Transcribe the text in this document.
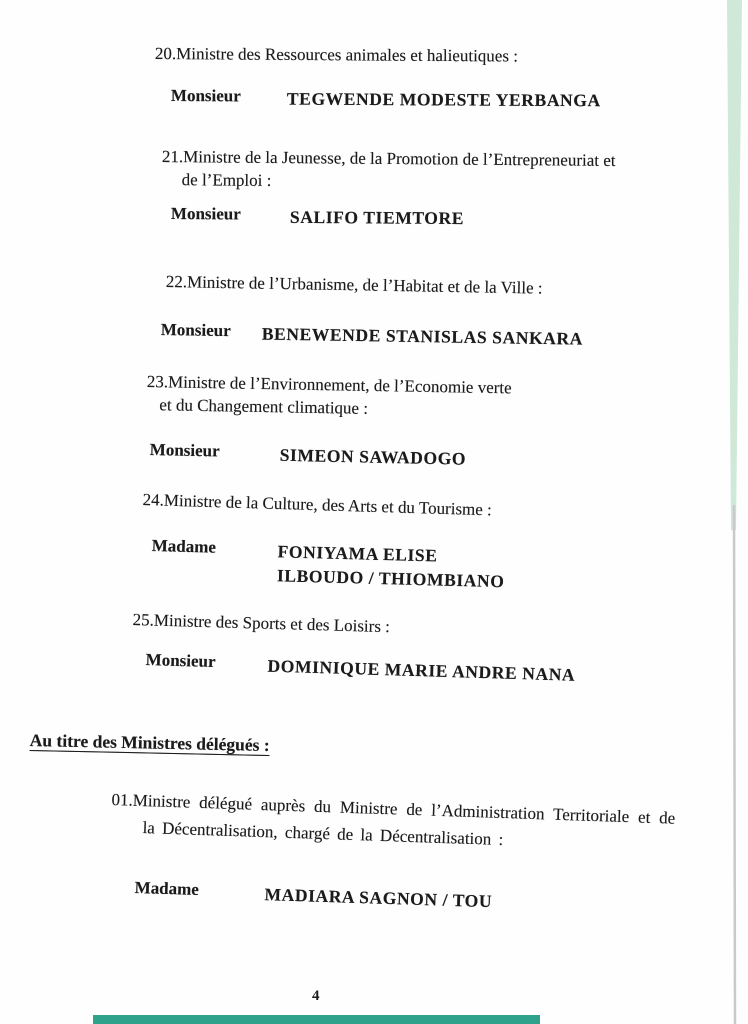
20.Ministre des Ressources animales et halieutiques :
Monsieur	TEGWENDE MODESTE YERBANGA
21.Ministre de la Jeunesse, de la Promotion de l’Entrepreneuriat et
de l’Emploi :
Monsieur	SALIFO TIEMTORE
22.Ministre de l’Urbanisme, de l’Habitat et de la Ville :
Monsieur BENEWENDE STANISLAS SANKARA
23.Ministre de l’Environnement, de l’Economie verte
et du Changement climatique :
Monsieur	SIMEON SAWADOGO
24.Ministre de la Culture, des Arts et du Tourisme :
Madame	FONIYAMA ELISE
ILBOUDO / THIOMBIANO
25.Ministre des Sports et des Loisirs :
Monsieur	DOMINIQUE MARIE ANDRE NANA
Au titre des Ministres délégués :
01.Ministre délégué auprès du Ministre de l’Administration Territoriale et de la Décentralisation, chargé de la Décentralisation :
Madame	MADIARA SAGNON / TOU
4
